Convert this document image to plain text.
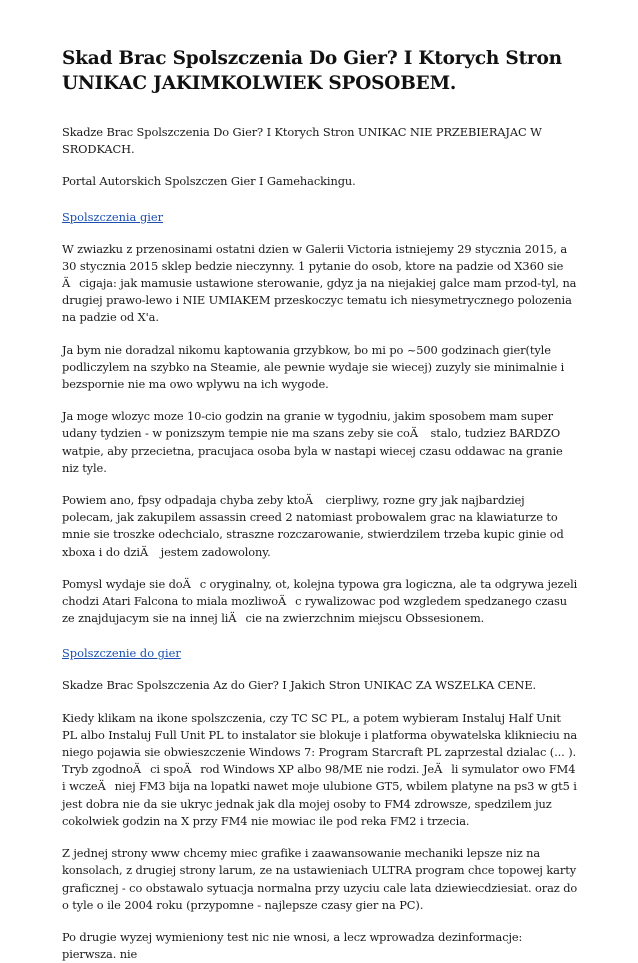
Skad Brac Spolszczenia Do Gier? I Ktorych Stron UNIKAC JAKIMKOLWIEK SPOSOBEM.

Skadze Brac Spolszczenia Do Gier? I Ktorych Stron UNIKAC NIE PRZEBIERAJAC W SRODKACH.

Portal Autorskich Spolszczen Gier I Gamehackingu.

Spolszczenia gier

W zwiazku z przenosinami ostatni dzien w Galerii Victoria istniejemy 29 stycznia 2015, a 30 stycznia 2015 sklep bedzie nieczynny. 1 pytanie do osob, ktore na padzie od X360 sie Äcigaja: jak mamusie ustawione sterowanie, gdyz ja na niejakiej galce mam przod-tyl, na drugiej prawo-lewo i NIE UMIAKEM przeskoczyc tematu ich niesymetrycznego polozenia na padzie od X'a.

Ja bym nie doradzal nikomu kaptowania grzybkow, bo mi po ~500 godzinach gier(tyle podliczylem na szybko na Steamie, ale pewnie wydaje sie wiecej) zuzyly sie minimalnie i bezspornie nie ma owo wplywu na ich wygode.

Ja moge wlozyc moze 10-cio godzin na granie w tygodniu, jakim sposobem mam super udany tydzien - w ponizszym tempie nie ma szans zeby sie coÄ stalo, tudziez BARDZO watpie, aby przecietna, pracujaca osoba byla w nastapi wiecej czasu oddawac na granie niz tyle.

Powiem ano, fpsy odpadaja chyba zeby ktoÄ cierpliwy, rozne gry jak najbardziej polecam, jak zakupilem assassin creed 2 natomiast probowalem grac na klawiaturze to mnie sie troszke odechcialo, straszne rozczarowanie, stwierdzilem trzeba kupic ginie od xboxa i do dziÄ jestem zadowolony.

Pomysl wydaje sie doÄc oryginalny, ot, kolejna typowa gra logiczna, ale ta odgrywa jezeli chodzi Atari Falcona to miala mozliwoÄc rywalizowac pod wzgledem spedzanego czasu ze znajdujacym sie na innej liÄcie na zwierzchnim miejscu Obssesionem.

Spolszczenie do gier

Skadze Brac Spolszczenia Az do Gier? I Jakich Stron UNIKAC ZA WSZELKA CENE.

Kiedy klikam na ikone spolszczenia, czy TC SC PL, a potem wybieram Instaluj Half Unit PL albo Instaluj Full Unit PL to instalator sie blokuje i platforma obywatelska kliknieciu na niego pojawia sie obwieszczenie Windows 7: Program Starcraft PL zaprzestal dzialac (... ). Tryb zgodnoÄci spoÄrod Windows XP albo 98/ME nie rodzi. JeÄli symulator owo FM4 i wczeÄniej FM3 bija na lopatki nawet moje ulubione GT5, wbilem platyne na ps3 w gt5 i jest dobra nie da sie ukryc jednak jak dla mojej osoby to FM4 zdrowsze, spedzilem juz cokolwiek godzin na X przy FM4 nie mowiac ile pod reka FM2 i trzecia.

Z jednej strony www chcemy miec grafike i zaawansowanie mechaniki lepsze niz na konsolach, z drugiej strony larum, ze na ustawieniach ULTRA program chce topowej karty graficznej - co obstawalo sytuacja normalna przy uzyciu cale lata dziewiecdziesiat. oraz do o tyle o ile 2004 roku (przypomne - najlepsze czasy gier na PC).

Po drugie wyzej wymieniony test nic nie wnosi, a lecz wprowadza dezinformacje: pierwsza. nie
